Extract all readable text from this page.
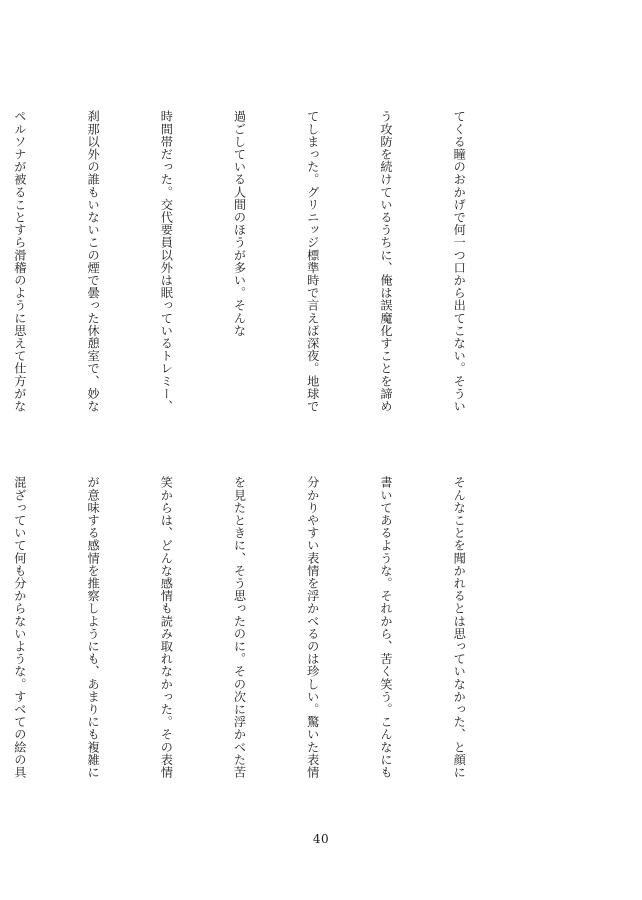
てくる瞳のおかげで何一つ口から出てこない。そうい

う攻防を続けているうちに、俺は誤魔化すことを諦め

てしまった。グリニッジ標準時で言えば深夜。地球で

過ごしている人間のほうが多い。そんな

時間帯だった。交代要員以外は眠っているトレミー、

刹那以外の誰もいないこの煙で曇った休憩室で、妙な

ペルソナが被ることすら滑稽のように思えて仕方がな

そんなことを聞かれるとは思っていなかった、と顔に

書いてあるような。それから、苦く笑う。こんなにも

分かりやすい表情を浮かべるのは珍しい。驚いた表情

を見たときに、そう思ったのに。その次に浮かべた苦

笑からは、どんな感情も読み取れなかった。その表情

が意味する感情を推察しようにも、あまりにも複雑に

混ざっていて何も分からないような。すべての絵の具

40
